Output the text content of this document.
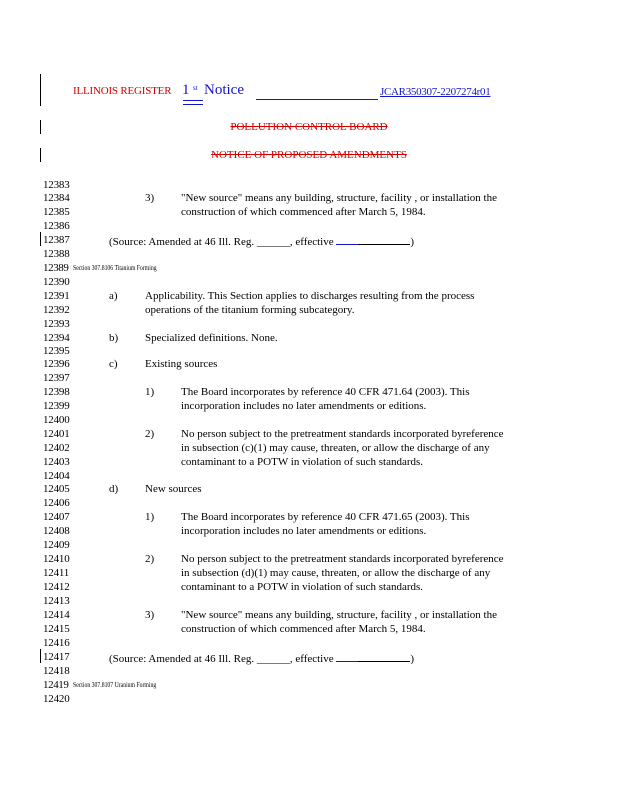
ILLINOIS REGISTER 1 st Notice	JCAR350307-2207274r01
POLLUTION CONTROL BOARD
NOTICE OF PROPOSED AMENDMENTS
12383
12384
12385
12386
12387
12388
12389
12390
12391
12392
12393
12394
12395
12396
12397
12398
12399
12400
12401
12402
12403
12404
12405
12406
12407
12408
12409
12410
12411
12412
12413
12414
12415
12416
12417
12418
12419
12420
3) "New source" means any building, structure, facility , or installation the
construction of which commenced after March 5, 1984.
(Source: Amended at 46 Ill. Reg. ______, effective	)
Section 307.8106 Titanium Forming
a) Applicability. This Section applies to discharges resulting from the process
operations of the titanium forming subcategory.
b) Specialized definitions. None.
c) Existing sources
1) The Board incorporates by reference 40 CFR 471.64 (2003). This
incorporation includes no later amendments or editions.
2) No person subject to the pretreatment standards incorporated byreference
in subsection (c)(1) may cause, threaten, or allow the discharge of any
contaminant to a POTW in violation of such standards.
d) New sources
1) The Board incorporates by reference 40 CFR 471.65 (2003). This
incorporation includes no later amendments or editions.
2) No person subject to the pretreatment standards incorporated byreference
in subsection (d)(1) may cause, threaten, or allow the discharge of any
contaminant to a POTW in violation of such standards.
3) "New source" means any building, structure, facility , or installation the
construction of which commenced after March 5, 1984.
(Source: Amended at 46 Ill. Reg. ______, effective	)
Section 307.8107 Uranium Forming
